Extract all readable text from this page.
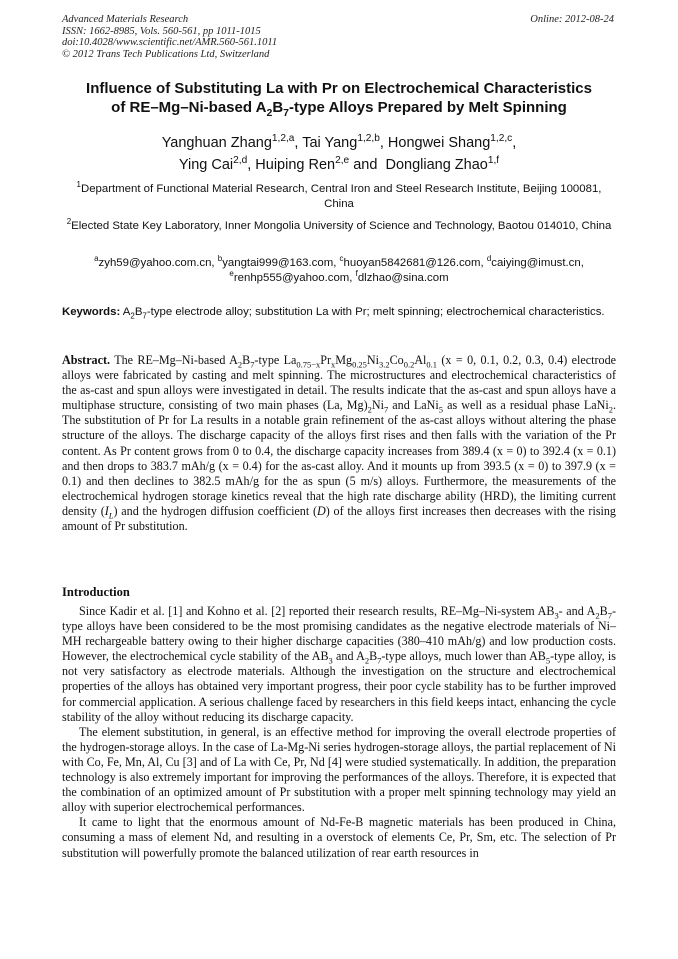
Advanced Materials Research
ISSN: 1662-8985, Vols. 560-561, pp 1011-1015
doi:10.4028/www.scientific.net/AMR.560-561.1011
© 2012 Trans Tech Publications Ltd, Switzerland
Online: 2012-08-24
Influence of Substituting La with Pr on Electrochemical Characteristics
of RE–Mg–Ni-based $A_2B_7$-type Alloys Prepared by Melt Spinning
Yanghuan Zhang$^{1,2,a}$, Tai Yang$^{1,2,b}$, Hongwei Shang$^{1,2,c}$,
Ying Cai$^{2,d}$, Huiping Ren$^{2,e}$ and  Dongliang Zhao$^{1,f}$
$^1$Department of Functional Material Research, Central Iron and Steel Research Institute, Beijing 100081, China
$^2$Elected State Key Laboratory, Inner Mongolia University of Science and Technology, Baotou 014010, China
$^a$zyh59@yahoo.com.cn, $^b$yangtai999@163.com, $^c$huoyan5842681@126.com, $^d$caiying@imust.cn,
$^e$renhp555@yahoo.com, $^f$dlzhao@sina.com
Keywords: $A_2B_7$-type electrode alloy; substitution La with Pr; melt spinning; electrochemical characteristics.
Abstract. The RE–Mg–Ni-based $A_2B_7$-type $La_{0.75-x}Pr_xMg_{0.25}Ni_{3.2}Co_{0.2}Al_{0.1}$ (x = 0, 0.1, 0.2, 0.3, 0.4) electrode alloys were fabricated by casting and melt spinning. The microstructures and electrochemical characteristics of the as-cast and spun alloys were investigated in detail. The results indicate that the as-cast and spun alloys have a multiphase structure, consisting of two main phases (La, $Mg)_2Ni_7$ and LaNi$_5$ as well as a residual phase LaNi$_2$. The substitution of Pr for La results in a notable grain refinement of the as-cast alloys without altering the phase structure of the alloys. The discharge capacity of the alloys first rises and then falls with the variation of the Pr content. As Pr content grows from 0 to 0.4, the discharge capacity increases from 389.4 (x = 0) to 392.4 (x = 0.1) and then drops to 383.7 mAh/g (x = 0.4) for the as-cast alloy. And it mounts up from 393.5 (x = 0) to 397.9 (x = 0.1) and then declines to 382.5 mAh/g for the as spun (5 m/s) alloys. Furthermore, the measurements of the electrochemical hydrogen storage kinetics reveal that the high rate discharge ability (HRD), the limiting current density $(I_L)$ and the hydrogen diffusion coefficient (D) of the alloys first increases then decreases with the rising amount of Pr substitution.
Introduction

Since Kadir et al. [1] and Kohno et al. [2] reported their research results, RE–Mg–Ni-system $AB_3-$ and $A_2B_7$-type alloys have been considered to be the most promising candidates as the negative electrode materials of Ni–MH rechargeable battery owing to their higher discharge capacities (380–410 mAh/g) and low production costs. However, the electrochemical cycle stability of the $AB_3$ and $A_2B_7$-type alloys, much lower than $AB_5$-type alloy, is not very satisfactory as electrode materials. Although the investigation on the structure and electrochemical properties of the alloys has obtained very important progress, their poor cycle stability has to be further improved for commercial application. A serious challenge faced by researchers in this field keeps intact, enhancing the cycle stability of the alloy without reducing its discharge capacity.

The element substitution, in general, is an effective method for improving the overall electrode properties of the hydrogen-storage alloys. In the case of La-Mg-Ni series hydrogen-storage alloys, the partial replacement of Ni with Co, Fe, Mn, Al, Cu [3] and of La with Ce, Pr, Nd [4] were studied systematically. In addition, the preparation technology is also extremely important for improving the performances of the alloys. Therefore, it is expected that the combination of an optimized amount of Pr substitution with a proper melt spinning technology may yield an alloy with superior electrochemical performances.

It came to light that the enormous amount of Nd-Fe-B magnetic materials has been produced in China, consuming a mass of element Nd, and resulting in a overstock of elements Ce, Pr, Sm, etc. The selection of Pr substitution will powerfully promote the balanced utilization of rear earth resources in
